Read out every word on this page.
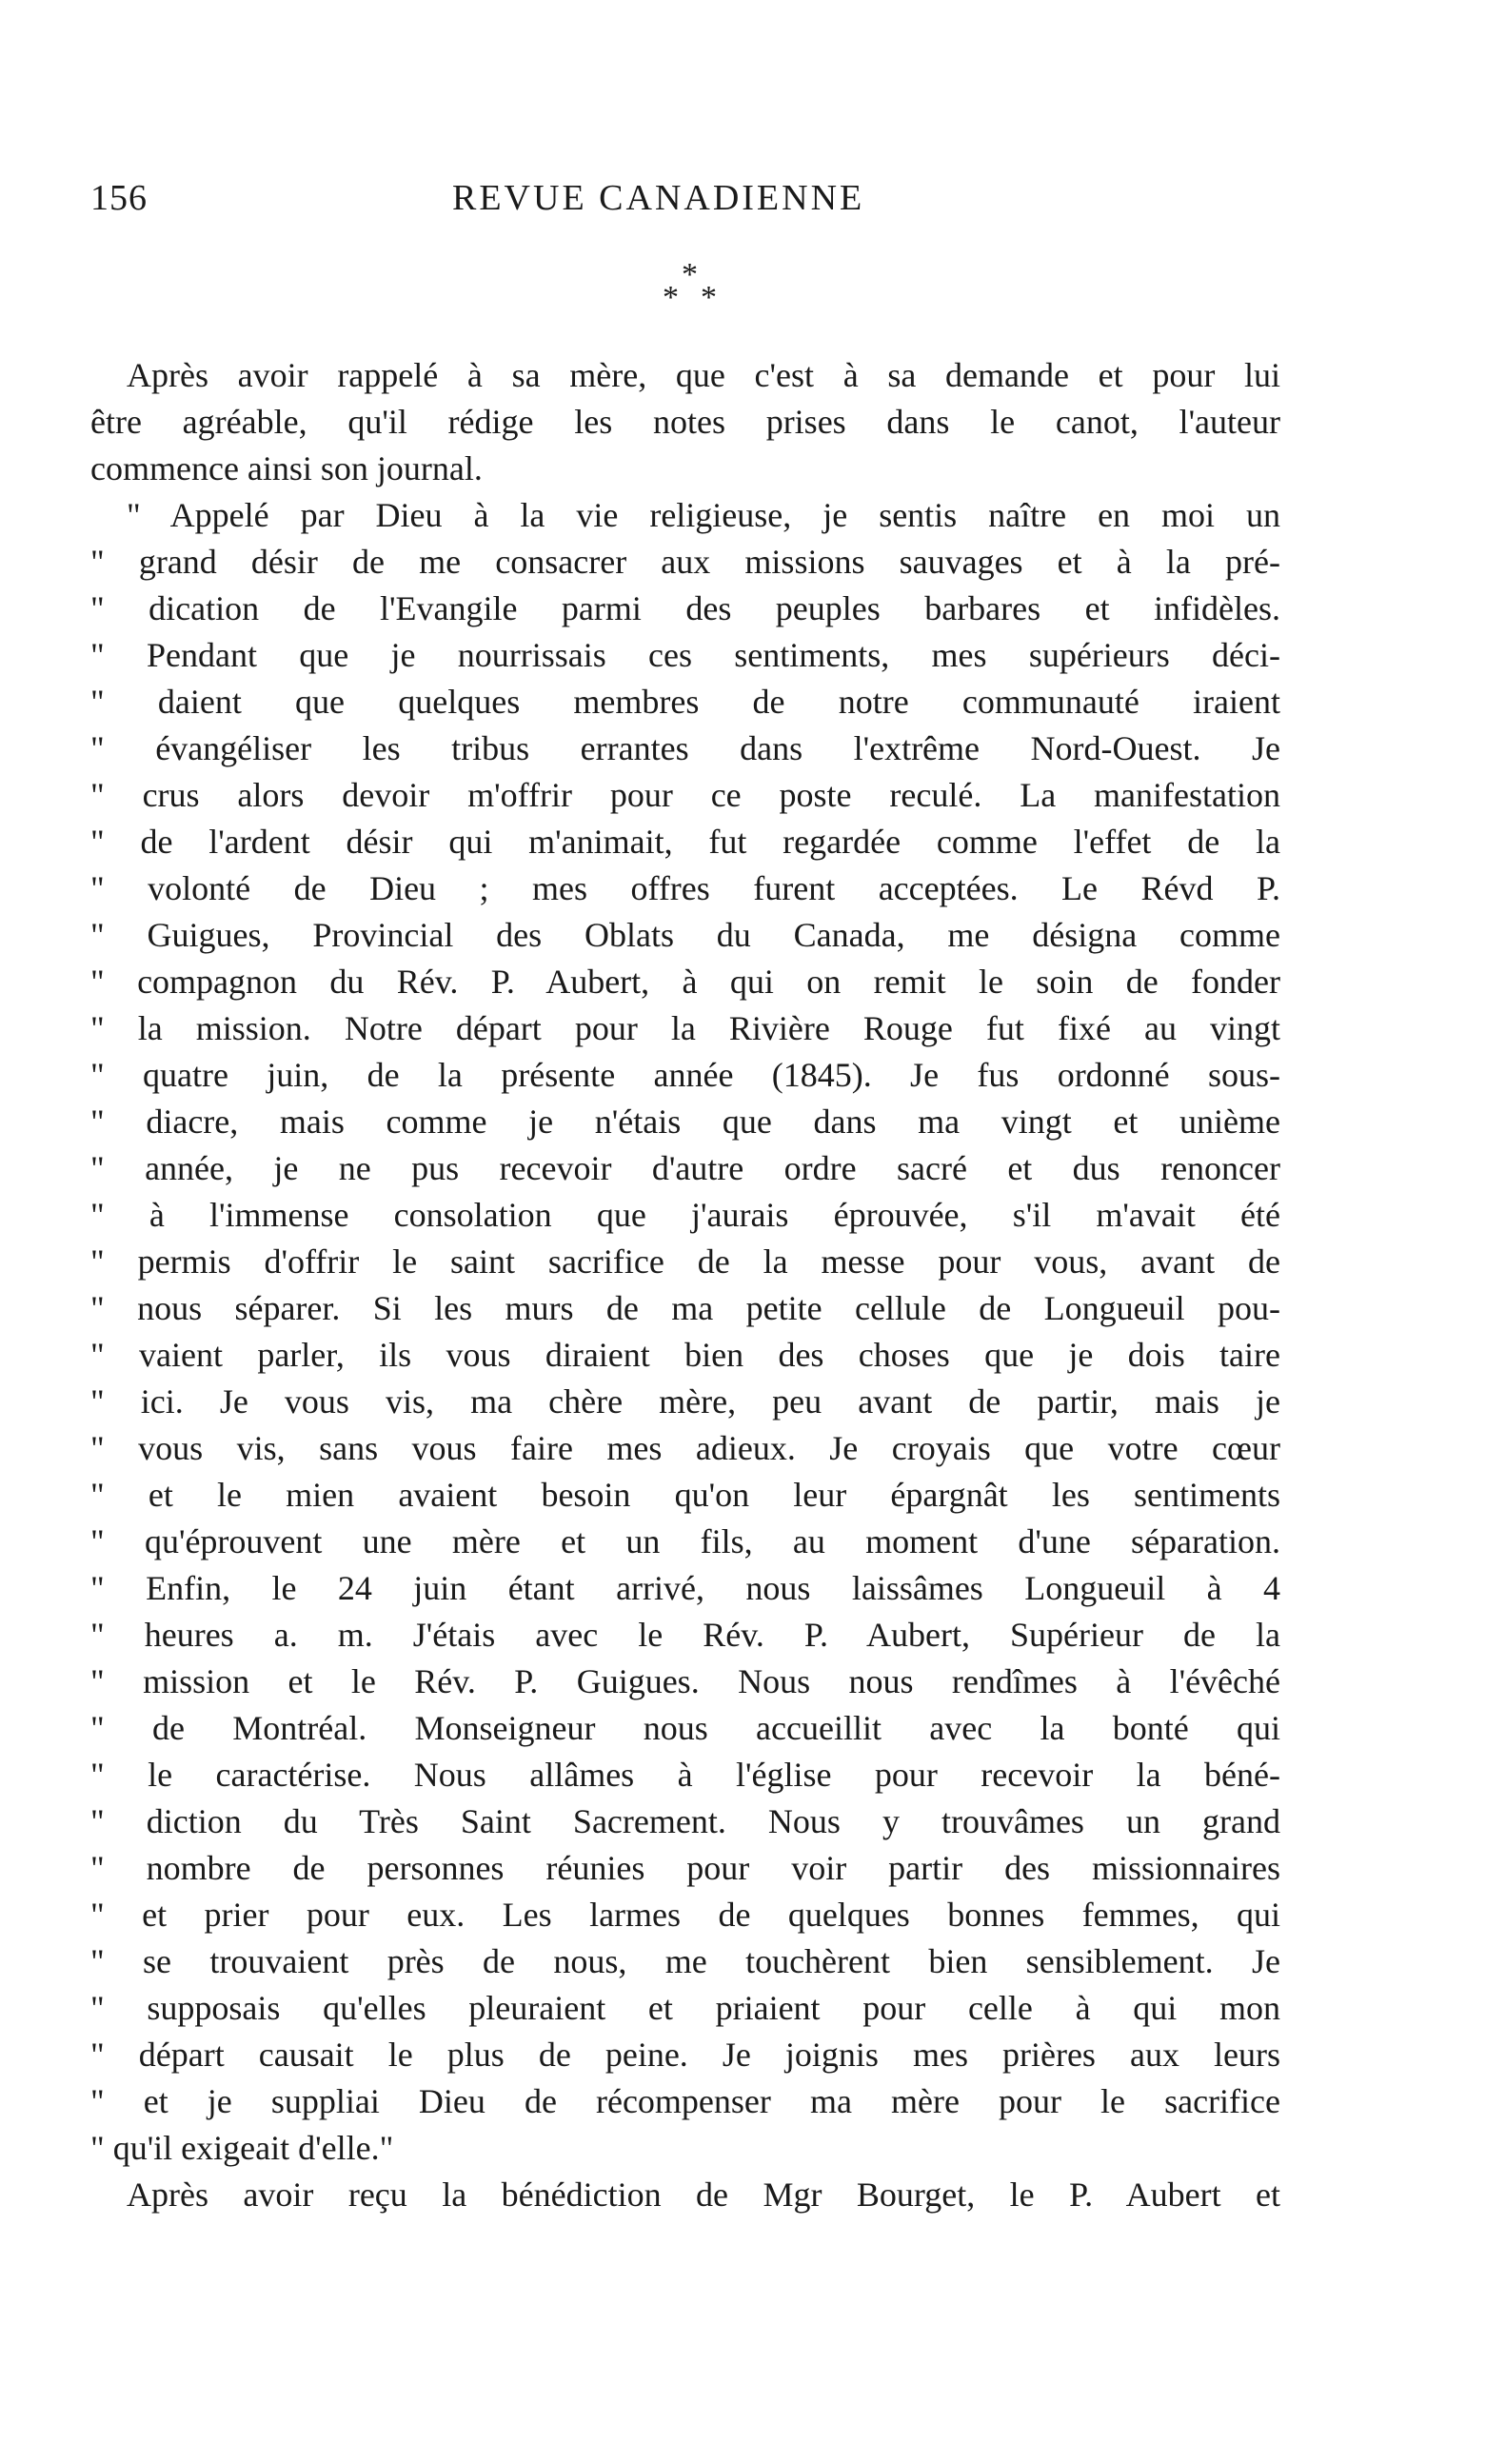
156	REVUE CANADIENNE
*
* *
Après avoir rappelé à sa mère, que c'est à sa demande et pour lui
être agréable, qu'il rédige les notes prises dans le canot, l'auteur
commence ainsi son journal.
" Appelé par Dieu à la vie religieuse, je sentis naître en moi un
" grand désir de me consacrer aux missions sauvages et à la pré-
" dication de l'Evangile parmi des peuples barbares et infidèles.
" Pendant que je nourrissais ces sentiments, mes supérieurs déci-
" daient que quelques membres de notre communauté iraient
" évangéliser les tribus errantes dans l'extrême Nord-Ouest. Je
" crus alors devoir m'offrir pour ce poste reculé. La manifestation
" de l'ardent désir qui m'animait, fut regardée comme l'effet de la
" volonté de Dieu ; mes offres furent acceptées. Le Révd P.
" Guigues, Provincial des Oblats du Canada, me désigna comme
" compagnon du Rév. P. Aubert, à qui on remit le soin de fonder
" la mission. Notre départ pour la Rivière Rouge fut fixé au vingt
" quatre juin, de la présente année (1845). Je fus ordonné sous-
" diacre, mais comme je n'étais que dans ma vingt et unième
" année, je ne pus recevoir d'autre ordre sacré et dus renoncer
" à l'immense consolation que j'aurais éprouvée, s'il m'avait été
" permis d'offrir le saint sacrifice de la messe pour vous, avant de
" nous séparer. Si les murs de ma petite cellule de Longueuil pou-
" vaient parler, ils vous diraient bien des choses que je dois taire
" ici. Je vous vis, ma chère mère, peu avant de partir, mais je
" vous vis, sans vous faire mes adieux. Je croyais que votre cœur
" et le mien avaient besoin qu'on leur épargnât les sentiments
" qu'éprouvent une mère et un fils, au moment d'une séparation.
" Enfin, le 24 juin étant arrivé, nous laissâmes Longueuil à 4
" heures a. m. J'étais avec le Rév. P. Aubert, Supérieur de la
" mission et le Rév. P. Guigues. Nous nous rendîmes à l'évêché
" de Montréal. Monseigneur nous accueillit avec la bonté qui
" le caractérise. Nous allâmes à l'église pour recevoir la béné-
" diction du Très Saint Sacrement. Nous y trouvâmes un grand
" nombre de personnes réunies pour voir partir des missionnaires
" et prier pour eux. Les larmes de quelques bonnes femmes, qui
" se trouvaient près de nous, me touchèrent bien sensiblement. Je
" supposais qu'elles pleuraient et priaient pour celle à qui mon
" départ causait le plus de peine. Je joignis mes prières aux leurs
" et je suppliai Dieu de récompenser ma mère pour le sacrifice
" qu'il exigeait d'elle."
Après avoir reçu la bénédiction de Mgr Bourget, le P. Aubert et
